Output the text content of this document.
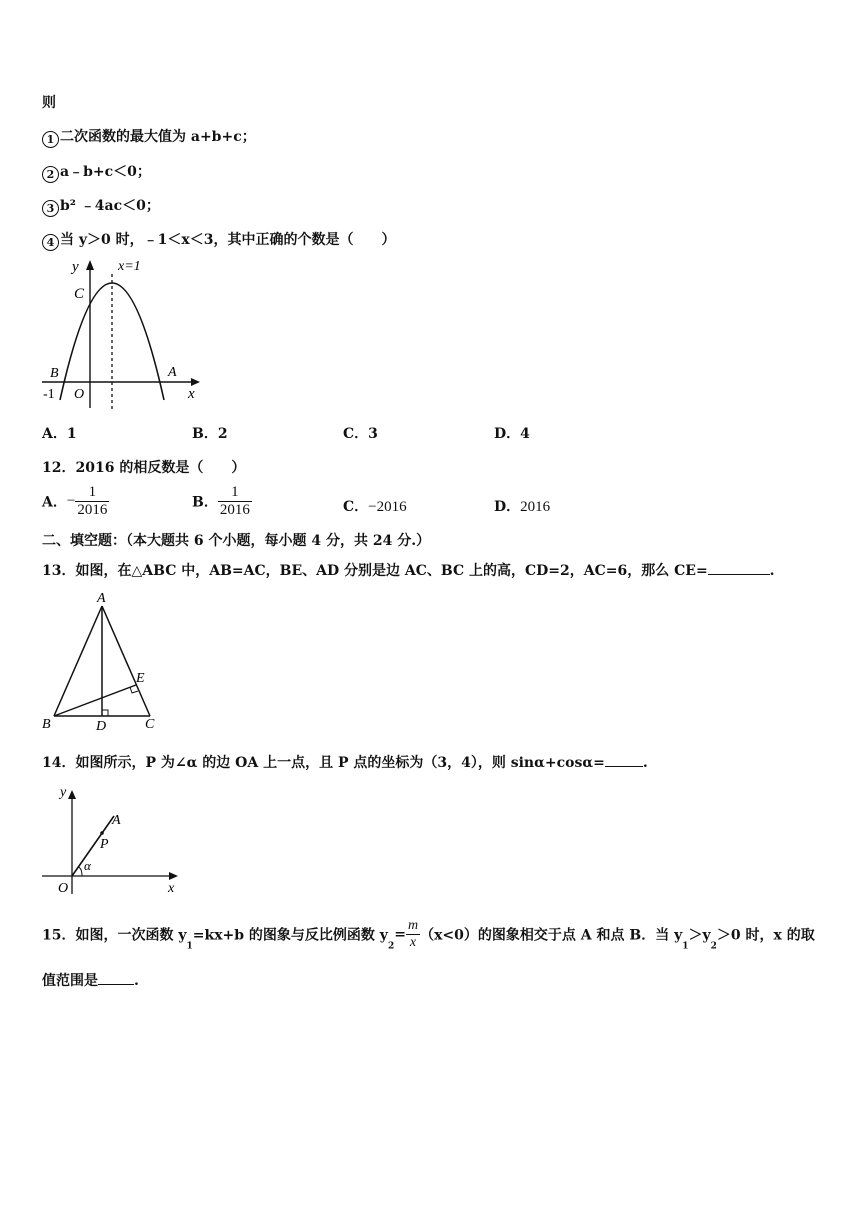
则
1 二次函数的最大值为 a+b+c；
2 a﹣b+c＜0；
3 b² ﹣4ac＜0；
4 当 y＞0 时，﹣1＜x＜3，其中正确的个数是（　　）
y	x=1
C
B	A
O
-1	x
A．1	B．2	C．3	D．4
12．2016 的相反数是（　　）
A．− $\frac{1}{2016}$	B． $\frac{1}{2016}$	C．−2016	D．2016
二、填空题：（本大题共 6 个小题，每小题 4 分，共 24 分.）
13．如图，在△ABC 中，AB=AC，BE、AD 分别是边 AC、BC 上的高，CD=2，AC=6，那么 CE=	.
A
E
B	D	C
14．如图所示，P 为∠α 的边 OA 上一点，且 P 点的坐标为（3，4），则 sinα+cosα=	.
y
A
P
α
O	x
15．如图，一次函数 $y_1=kx+b$ 的图象与反比例函数 $y_2= \frac{m}{x} (x<0)$的图象相交于点 A 和点 B．当 $y_1>y_2>0$ 时，x 的取
值范围是	.
